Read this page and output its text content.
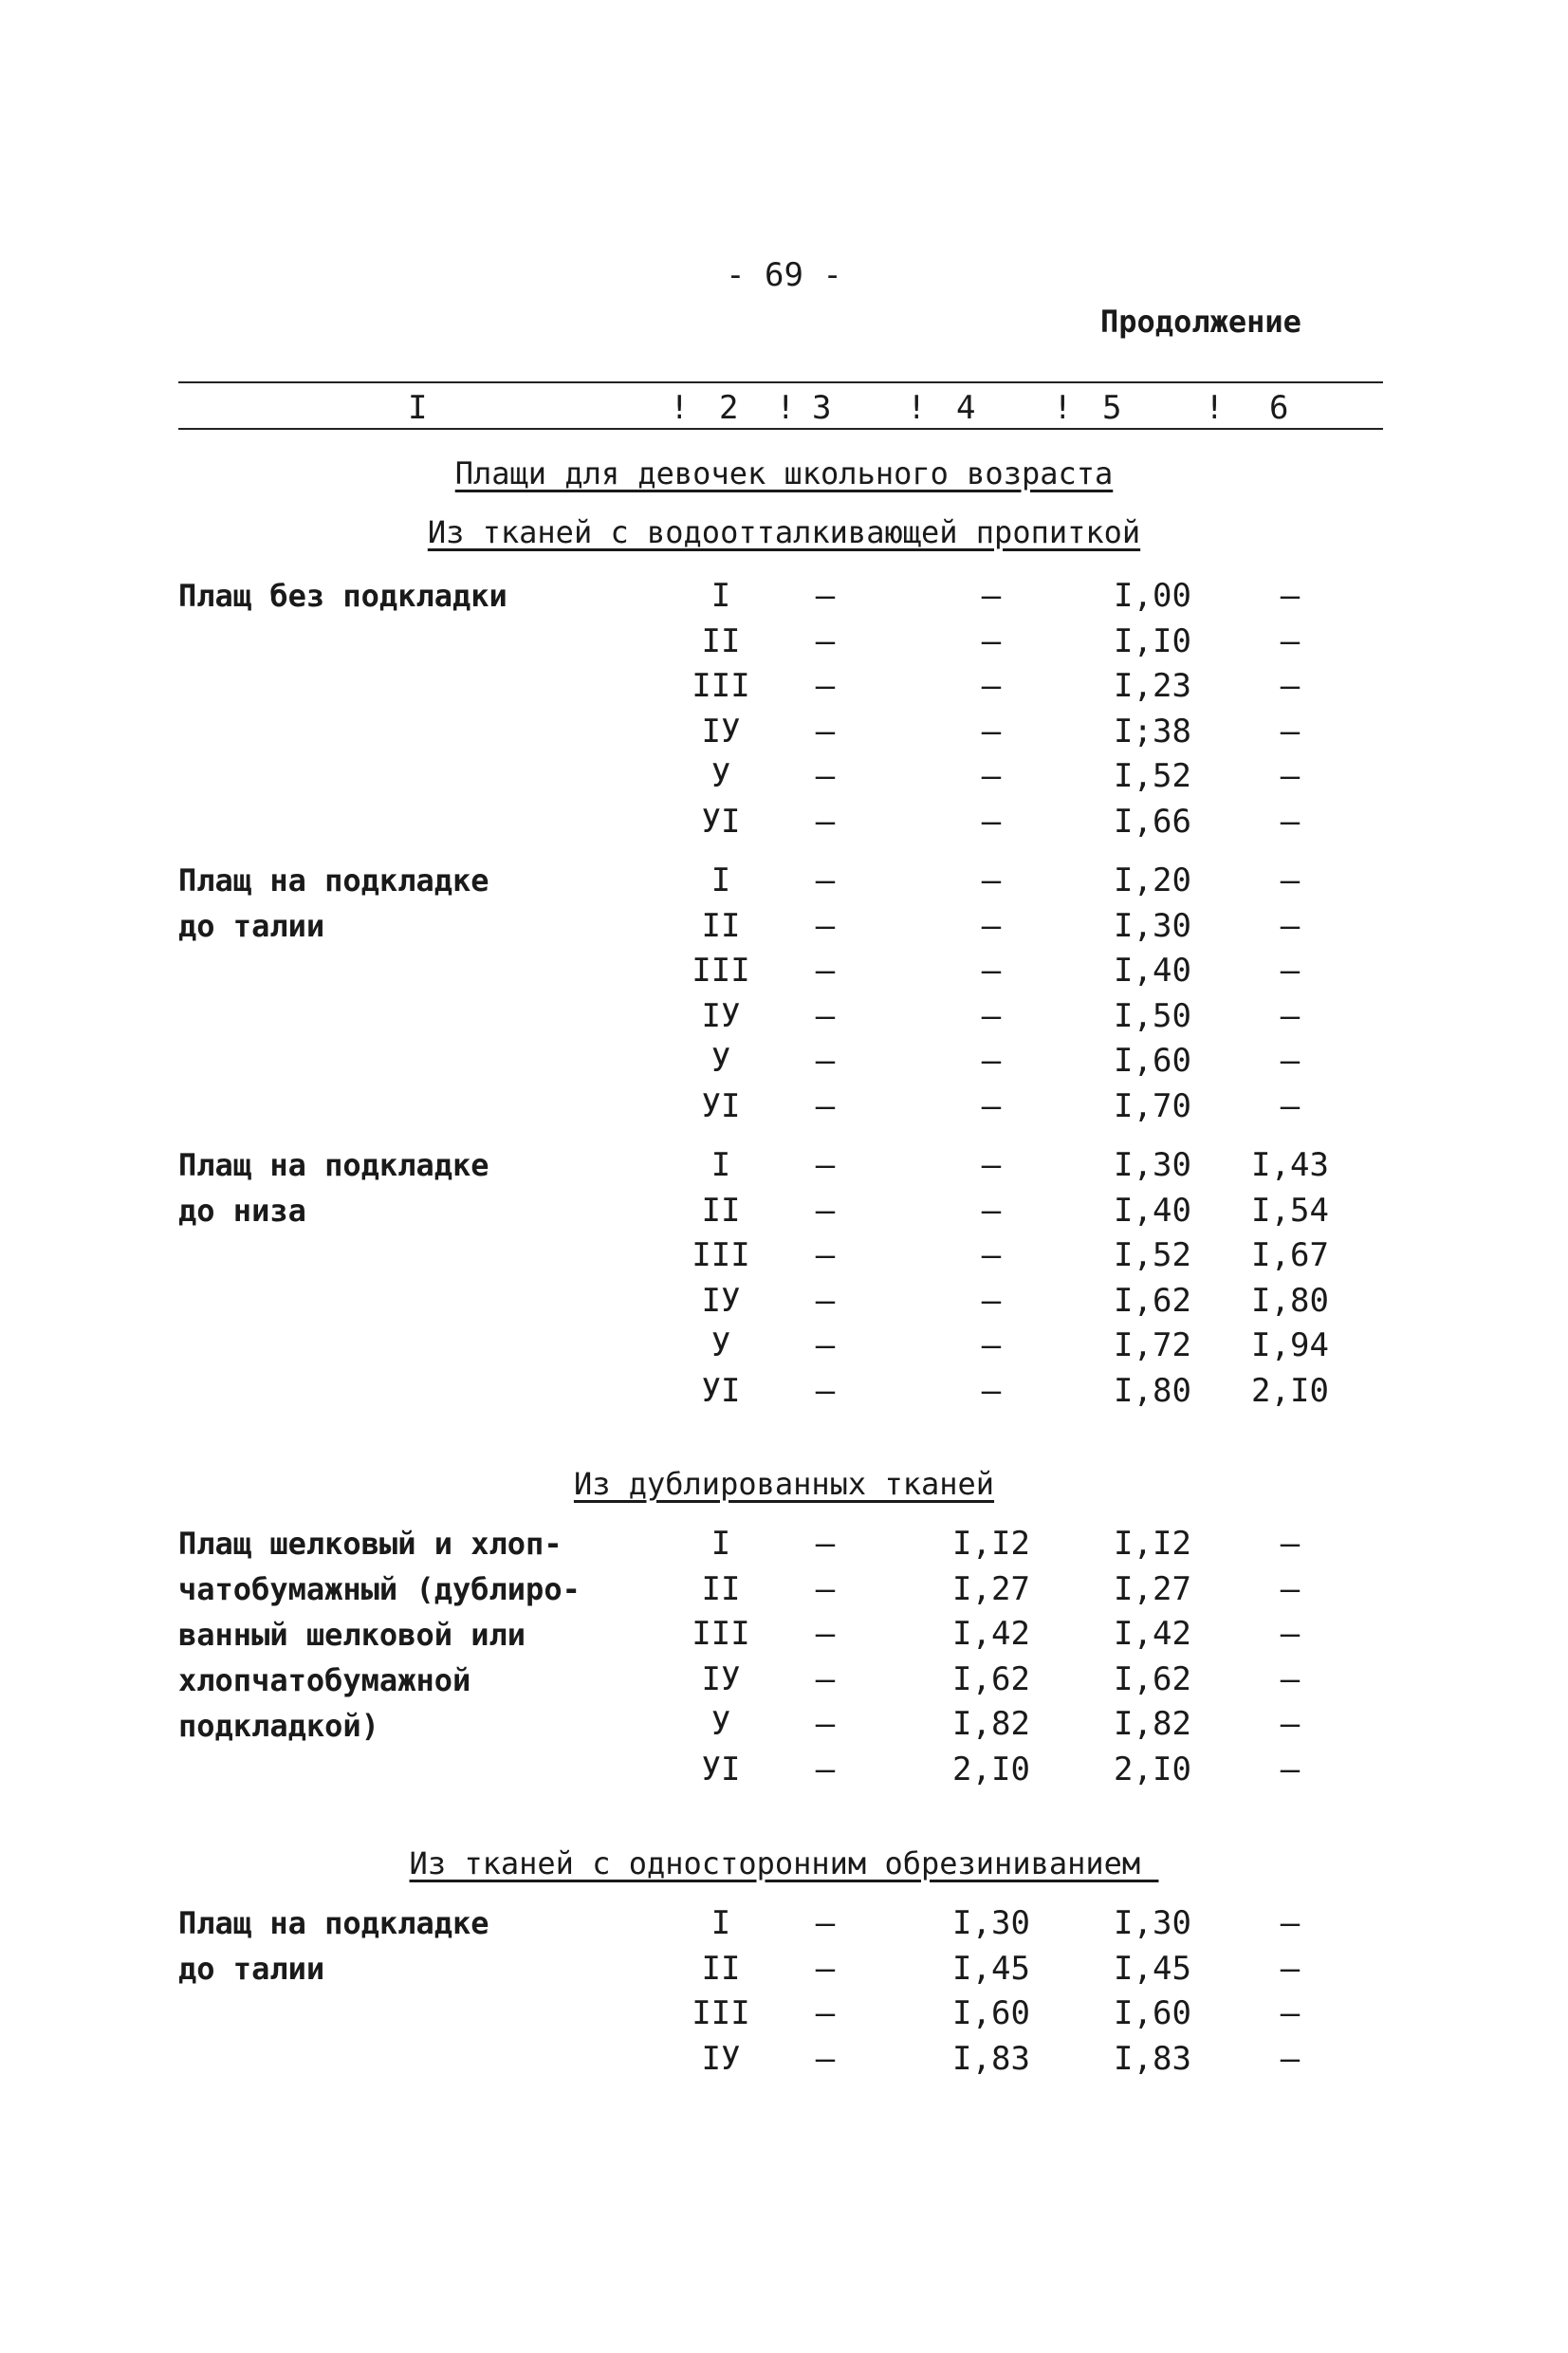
- 69 -
Продолжение
I	! 2 ! 3 ! 4 ! 5	! 6
Плащи для девочек школьного возраста
Из_тканей с водоотталкивающей пропиткой
Из_дублированных_тканей
Из_тканей с односторонним обрезиниванием_
Плащ без подкладки	I	–	–	I,00	–
II	–	–	I,I0	–
III	–	–	I,23	–
IУ	–	–	I;38	–
У	–	–	I,52	–
УI	–	–	I,66	–
Плащ на подкладке
до талии
I	–	–	I,20	–
II	–	–	I,30	–
III	–	–	I,40	–
IУ	–	–	I,50	–
У	–	–	I,60	–
УI	–	–	I,70	–
Плащ на подкладке
до низа
I	–	–	I,30	I,43
II	–	–	I,40	I,54
III	–	–	I,52	I,67
IУ	–	–	I,62	I,80
У	–	–	I,72	I,94
УI	–	–	I,80	2,I0
Плащ шелковый и хлоп-
чатобумажный (дублиро-
ванный шелковой или
хлопчатобумажной
подкладкой)
I	–	I,I2	I,I2	–
II	–	I,27	I,27	–
III	–	I,42	I,42	–
IУ	–	I,62	I,62	–
У	–	I,82	I,82	–
УI	–	2,I0	2,I0	–
Плащ на подкладке
до талии
I	–	I,30	I,30	–
II	–	I,45	I,45	–
III	–	I,60	I,60	–
IУ	–	I,83	I,83	–
